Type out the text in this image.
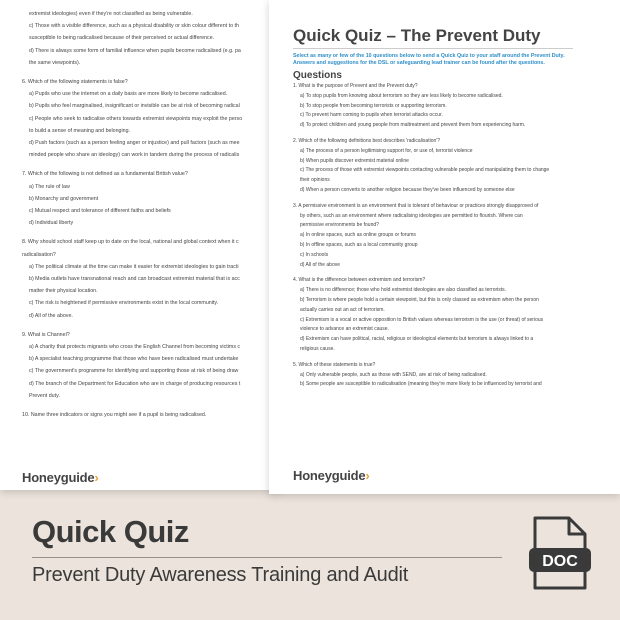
extremist ideologies) even if they're not classified as being vulnerable.
c) Those with a visible difference, such as a physical disability or skin colour different to th
susceptible to being radicalised because of their perceived or actual difference.
d) There is always some form of familial influence when pupils become radicalised (e.g. pa
the same viewpoints).
6. Which of the following statements is false?
a) Pupils who use the internet on a daily basis are more likely to become radicalised.
b) Pupils who feel marginalised, insignificant or invisible can be at risk of becoming radical
c) People who seek to radicalise others towards extremist viewpoints may exploit the perso
to build a sense of meaning and belonging.
d) Push factors (such as a person feeling anger or injustice) and pull factors (such as mee
minded people who share an ideology) can work in tandem during the process of radicalis
7. Which of the following is not defined as a fundamental British value?
a) The rule of law
b) Monarchy and government
c) Mutual respect and tolerance of different faiths and beliefs
d) Individual liberty
8. Why should school staff keep up to date on the local, national and global context when it c
radicalisation?
a) The political climate at the time can make it easier for extremist ideologies to gain tracti
b) Media outlets have transnational reach and can broadcast extremist material that is acc
matter their physical location.
c) The risk is heightened if permissive environments exist in the local community.
d) All of the above.
9. What is Channel?
a) A charity that protects migrants who cross the English Channel from becoming victims c
b) A specialist teaching programme that those who have been radicalised must undertake
c) The government's programme for identifying and supporting those at risk of being draw
d) The branch of the Department for Education who are in charge of producing resources t
Prevent duty.
10. Name three indicators or signs you might see if a pupil is being radicalised.
Honeyguide›
Quick Quiz – The Prevent Duty
Select as many or few of the 10 questions below to send a Quick Quiz to your staff around the Prevent Duty.
Answers and suggestions for the DSL or safeguarding lead trainer can be found after the questions.
Questions
1. What is the purpose of Prevent and the Prevent duty?
a) To stop pupils from knowing about terrorism so they are less likely to become radicalised.
b) To stop people from becoming terrorists or supporting terrorism.
c) To prevent harm coming to pupils when terrorist attacks occur.
d) To protect children and young people from maltreatment and prevent them from experiencing harm.
2. Which of the following definitions best describes 'radicalisation'?
a) The process of a person legitimising support for, or use of, terrorist violence
b) When pupils discover extremist material online
c) The process of those with extremist viewpoints contacting vulnerable people and manipulating them to change
their opinions
d) When a person converts to another religion because they've been influenced by someone else
3. A permissive environment is an environment that is tolerant of behaviour or practices strongly disapproved of
by others, such as an environment where radicalising ideologies are permitted to flourish. Where can
permissive environments be found?
a) In online spaces, such as online groups or forums
b) In offline spaces, such as a local community group
c) In schools
d) All of the above
4. What is the difference between extremism and terrorism?
a) There is no difference; those who hold extremist ideologies are also classified as terrorists.
b) Terrorism is where people hold a certain viewpoint, but this is only classed as extremism when the person
actually carries out an act of terrorism.
c) Extremism is a vocal or active opposition to British values whereas terrorism is the use (or threat) of serious
violence to advance an extremist cause.
d) Extremism can have political, racial, religious or ideological elements but terrorism is always linked to a
religious cause.
5. Which of these statements is true?
a) Only vulnerable people, such as those with SEND, are at risk of being radicalised.
b) Some people are susceptible to radicalisation (meaning they're more likely to be influenced by terrorist and
Honeyguide›
Quick Quiz
Prevent Duty Awareness Training and Audit
DOC
